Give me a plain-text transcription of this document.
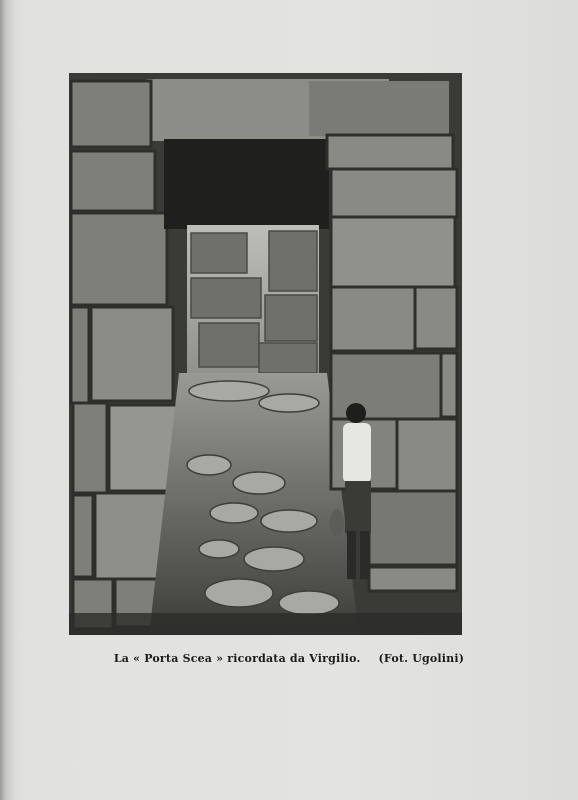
La « Porta Scea » ricordata da Virgilio. (Fot. Ugolini)
